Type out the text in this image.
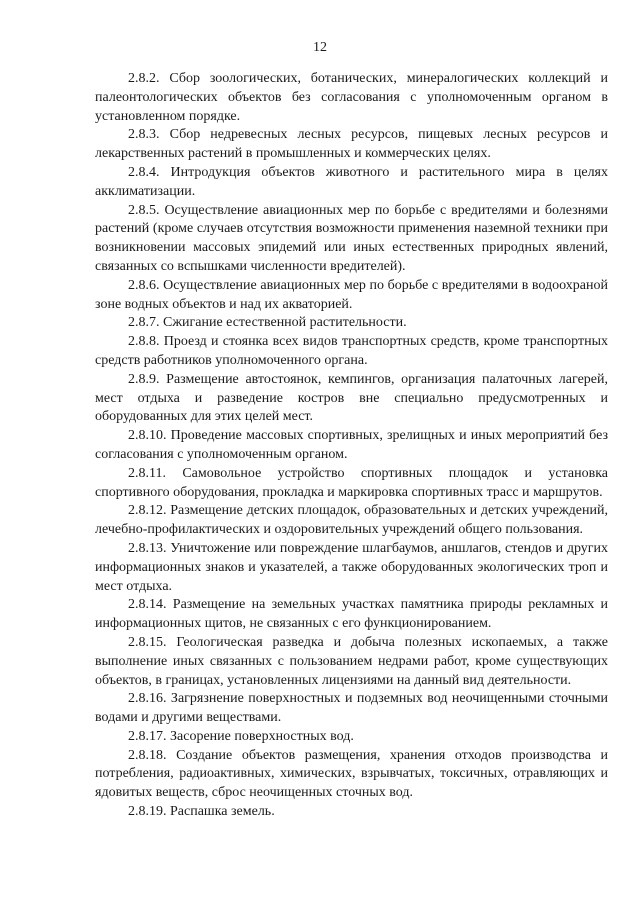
12

2.8.2. Сбор зоологических, ботанических, минералогических коллекций и палеонтологических объектов без согласования с уполномоченным органом в установленном порядке.

2.8.3. Сбор недревесных лесных ресурсов, пищевых лесных ресурсов и лекарственных растений в промышленных и коммерческих целях.

2.8.4. Интродукция объектов животного и растительного мира в целях акклиматизации.

2.8.5. Осуществление авиационных мер по борьбе с вредителями и болезнями растений (кроме случаев отсутствия возможности применения наземной техники при возникновении массовых эпидемий или иных естественных природных явлений, связанных со вспышками численности вредителей).

2.8.6. Осуществление авиационных мер по борьбе с вредителями в водоохраной зоне водных объектов и над их акваторией.

2.8.7. Сжигание естественной растительности.

2.8.8. Проезд и стоянка всех видов транспортных средств, кроме транспортных средств работников уполномоченного органа.

2.8.9. Размещение автостоянок, кемпингов, организация палаточных лагерей, мест отдыха и разведение костров вне специально предусмотренных и оборудованных для этих целей мест.

2.8.10. Проведение массовых спортивных, зрелищных и иных мероприятий без согласования с уполномоченным органом.

2.8.11. Самовольное устройство спортивных площадок и установка спортивного оборудования, прокладка и маркировка спортивных трасс и маршрутов.

2.8.12. Размещение детских площадок, образовательных и детских учреждений, лечебно-профилактических и оздоровительных учреждений общего пользования.

2.8.13. Уничтожение или повреждение шлагбаумов, аншлагов, стендов и других информационных знаков и указателей, а также оборудованных экологических троп и мест отдыха.

2.8.14. Размещение на земельных участках памятника природы рекламных и информационных щитов, не связанных с его функционированием.

2.8.15. Геологическая разведка и добыча полезных ископаемых, а также выполнение иных связанных с пользованием недрами работ, кроме существующих объектов, в границах, установленных лицензиями на данный вид деятельности.

2.8.16. Загрязнение поверхностных и подземных вод неочищенными сточными водами и другими веществами.

2.8.17. Засорение поверхностных вод.

2.8.18. Создание объектов размещения, хранения отходов производства и потребления, радиоактивных, химических, взрывчатых, токсичных, отравляющих и ядовитых веществ, сброс неочищенных сточных вод.

2.8.19. Распашка земель.
